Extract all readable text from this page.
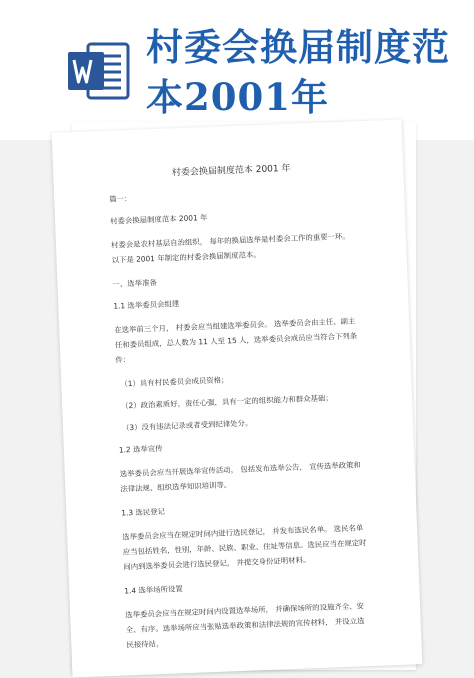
村委会换届制度范本2001年
村委会换届制度范本 2001 年
篇一：
村委会换届制度范本 2001 年
村委会是农村基层自治组织， 每年的换届选举是村委会工作的重要一环。 以下是 2001 年制定的村委会换届制度范本。
一、选举准备
1.1 选举委员会组建
在选举前三个月， 村委会应当组建选举委员会。 选举委员会由主任、副主任和委员组成，总人数为 11 人至 15 人，选举委员会成员应当符合下列条件：
（1）具有村民委员会成员资格；
（2）政治素质好，责任心强，具有一定的组织能力和群众基础；
（3）没有违法记录或者受到纪律处分。
1.2 选举宣传
选举委员会应当开展选举宣传活动， 包括发布选举公告， 宣传选举政策和法律法规、组织选举知识培训等。
1.3 选民登记
选举委员会应当在规定时间内进行选民登记， 并发布选民名单。 选民名单应当包括姓名，性别，年龄、民族、职业、住址等信息。选民应当在规定时间内到选举委员会进行选民登记， 并提交身份证明材料。
1.4 选举场所设置
选举委员会应当在规定时间内设置选举场所， 并确保场所的设施齐全、安全、有序。选举场所应当张贴选举政策和法律法规的宣传材料， 并设立选民接待站，
